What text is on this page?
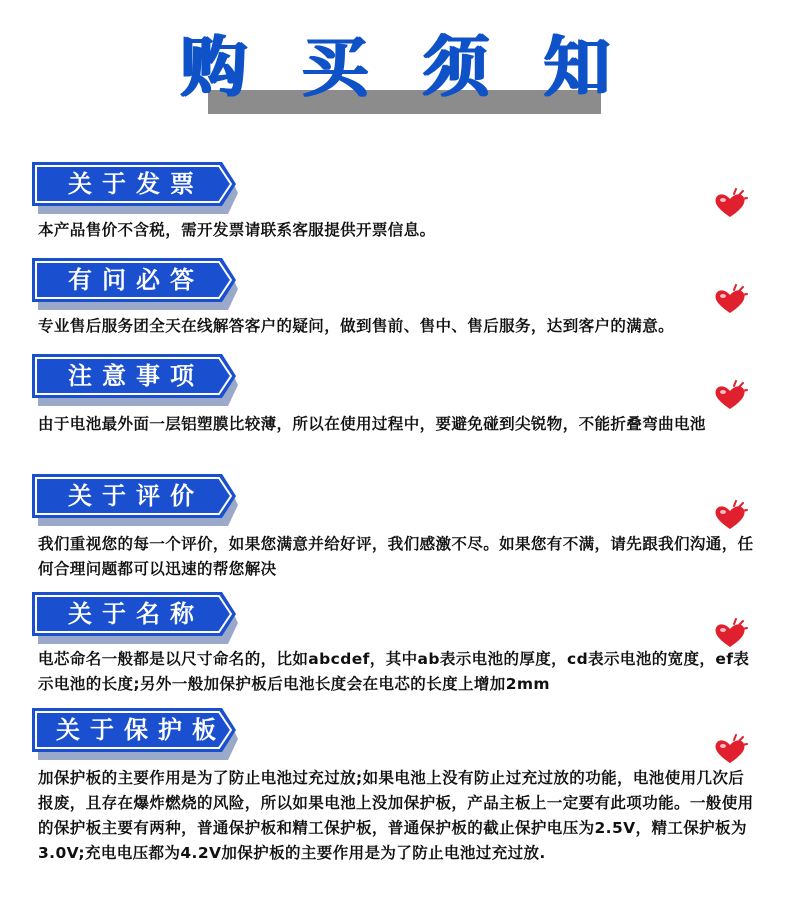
购 买 须 知
关于发票
本产品售价不含税，需开发票请联系客服提供开票信息。
有问必答
专业售后服务团全天在线解答客户的疑问，做到售前、售中、售后服务，达到客户的满意。
注意事项
由于电池最外面一层铝塑膜比较薄，所以在使用过程中，要避免碰到尖锐物，不能折叠弯曲电池
关于评价
我们重视您的每一个评价，如果您满意并给好评，我们感激不尽。如果您有不满，请先跟我们沟通，任何合理问题都可以迅速的帮您解决
关于名称
电芯命名一般都是以尺寸命名的，比如abcdef，其中ab表示电池的厚度，cd表示电池的宽度，ef表示电池的长度;另外一般加保护板后电池长度会在电芯的长度上增加2mm
关于保护板
加保护板的主要作用是为了防止电池过充过放;如果电池上没有防止过充过放的功能，电池使用几次后报废，且存在爆炸燃烧的风险，所以如果电池上没加保护板，产品主板上一定要有此项功能。一般使用的保护板主要有两种，普通保护板和精工保护板，普通保护板的截止保护电压为2.5V，精工保护板为3.0V;充电电压都为4.2V加保护板的主要作用是为了防止电池过充过放.
